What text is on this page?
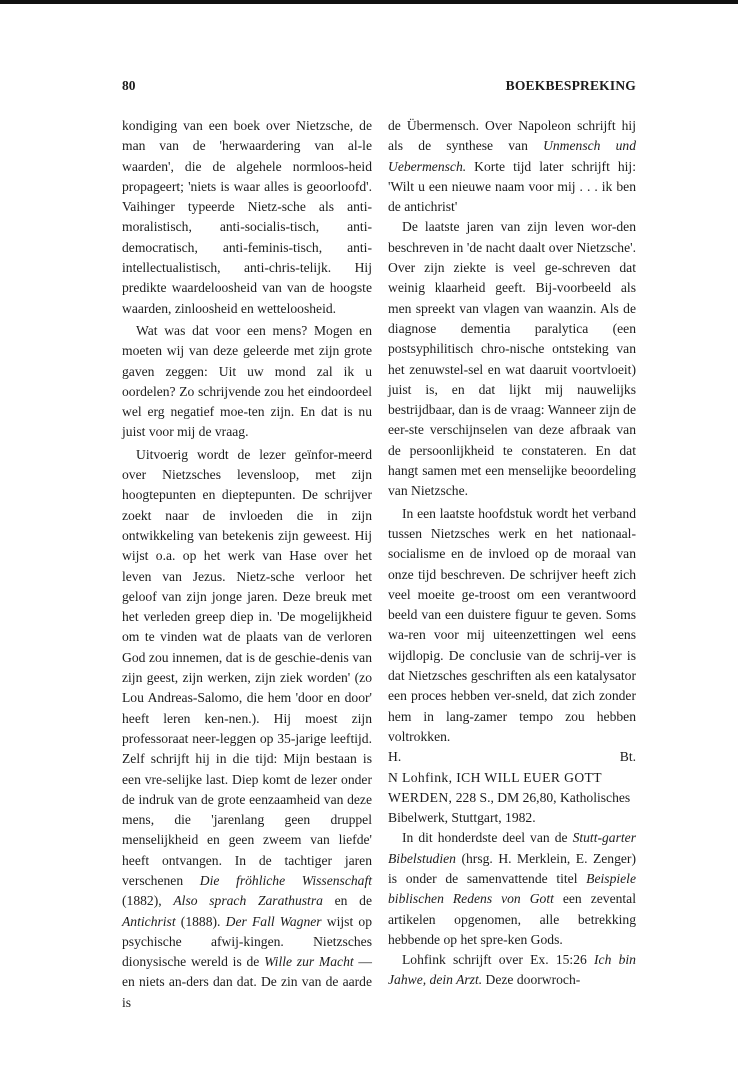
80	BOEKBESPREKING

kondiging van een boek over Nietzsche, de man van de 'herwaardering van al-le waarden', die de algehele normloos-heid propageert; 'niets is waar alles is geoorloofd'. Vaihinger typeerde Nietz-sche als anti-moralistisch, anti-socialis-tisch, anti-democratisch, anti-feminis-tisch, anti-intellectualistisch, anti-chris-telijk. Hij predikte waardeloosheid van van de hoogste waarden, zinloosheid en wetteloosheid.

Wat was dat voor een mens? Mogen en moeten wij van deze geleerde met zijn grote gaven zeggen: Uit uw mond zal ik u oordelen? Zo schrijvende zou het eindoordeel wel erg negatief moe-ten zijn. En dat is nu juist voor mij de vraag.

Uitvoerig wordt de lezer geïnfor-meerd over Nietzsches levensloop, met zijn hoogtepunten en dieptepunten. De schrijver zoekt naar de invloeden die in zijn ontwikkeling van betekenis zijn geweest. Hij wijst o.a. op het werk van Hase over het leven van Jezus. Nietz-sche verloor het geloof van zijn jonge jaren. Deze breuk met het verleden greep diep in. 'De mogelijkheid om te vinden wat de plaats van de verloren God zou innemen, dat is de geschie-denis van zijn geest, zijn werken, zijn ziek worden' (zo Lou Andreas-Salomo, die hem 'door en door' heeft leren ken-nen.). Hij moest zijn professoraat neer-leggen op 35-jarige leeftijd. Zelf schrijft hij in die tijd: Mijn bestaan is een vre-selijke last. Diep komt de lezer onder de indruk van de grote eenzaamheid van deze mens, die 'jarenlang geen druppel menselijkheid en geen zweem van liefde' heeft ontvangen. In de tachtiger jaren verschenen Die fröhliche Wissenschaft (1882), Also sprach Zarathustra en de Antichrist (1888). Der Fall Wagner wijst op psychische afwij-kingen. Nietzsches dionysische wereld is de Wille zur Macht — en niets an-ders dan dat. De zin van de aarde is

de Übermensch. Over Napoleon schrijft hij als de synthese van Unmensch und Uebermensch. Korte tijd later schrijft hij: 'Wilt u een nieuwe naam voor mij . . . ik ben de antichrist'

De laatste jaren van zijn leven wor-den beschreven in 'de nacht daalt over Nietzsche'. Over zijn ziekte is veel ge-schreven dat weinig klaarheid geeft. Bij-voorbeeld als men spreekt van vlagen van waanzin. Als de diagnose dementia paralytica (een postsyphilitisch chro-nische ontsteking van het zenuwstel-sel en wat daaruit voortvloeit) juist is, en dat lijkt mij nauwelijks bestrijdbaar, dan is de vraag: Wanneer zijn de eer-ste verschijnselen van deze afbraak van de persoonlijkheid te constateren. En dat hangt samen met een menselijke beoordeling van Nietzsche.

In een laatste hoofdstuk wordt het verband tussen Nietzsches werk en het nationaal-socialisme en de invloed op de moraal van onze tijd beschreven. De schrijver heeft zich veel moeite ge-troost om een verantwoord beeld van een duistere figuur te geven. Soms wa-ren voor mij uiteenzettingen wel eens wijdlopig. De conclusie van de schrij-ver is dat Nietzsches geschriften als een katalysator een proces hebben ver-sneld, dat zich zonder hem in lang-zamer tempo zou hebben voltrokken.

H.	Bt.

N Lohfink, ICH WILL EUER GOTT WERDEN, 228 S., DM 26,80, Katholisches Bibelwerk, Stuttgart, 1982.

In dit honderdste deel van de Stutt-garter Bibelstudien (hrsg. H. Merklein, E. Zenger) is onder de samenvattende titel Beispiele biblischen Redens von Gott een zevental artikelen opgenomen, alle betrekking hebbende op het spre-ken Gods.

Lohfink schrijft over Ex. 15:26 Ich bin Jahwe, dein Arzt. Deze doorwroch-
